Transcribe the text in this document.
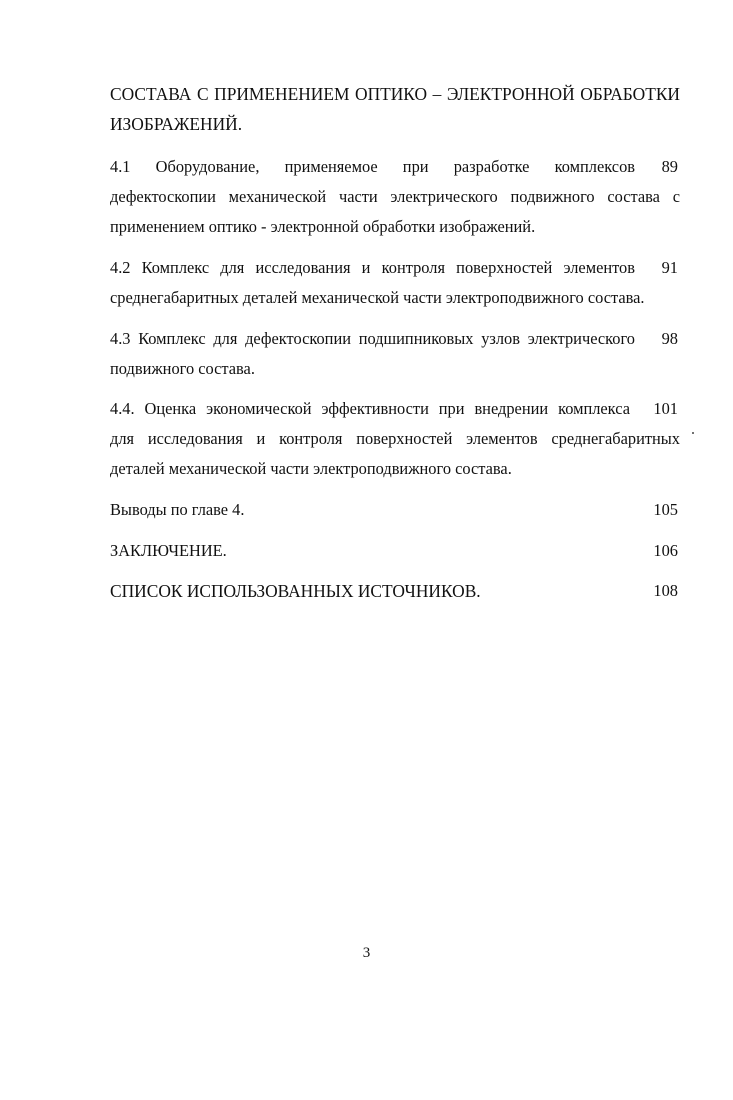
СОСТАВА С ПРИМЕНЕНИЕМ ОПТИКО – ЭЛЕКТРОННОЙ ОБРАБОТКИ
ИЗОБРАЖЕНИЙ.
4.1 Оборудование, применяемое при разработке комплексов 89
дефектоскопии механической части электрического подвижного состава с
применением оптико - электронной обработки изображений.
4.2 Комплекс для исследования и контроля поверхностей элементов 91
среднегабаритных деталей механической части электроподвижного состава.
4.3 Комплекс для дефектоскопии подшипниковых узлов электрического 98
подвижного состава.
4.4. Оценка экономической эффективности при внедрении комплекса 101
для исследования и контроля поверхностей элементов среднегабаритных
деталей механической части электроподвижного состава.
Выводы по главе 4.	105
ЗАКЛЮЧЕНИЕ.	106
СПИСОК ИСПОЛЬЗОВАННЫХ ИСТОЧНИКОВ.	108
3
